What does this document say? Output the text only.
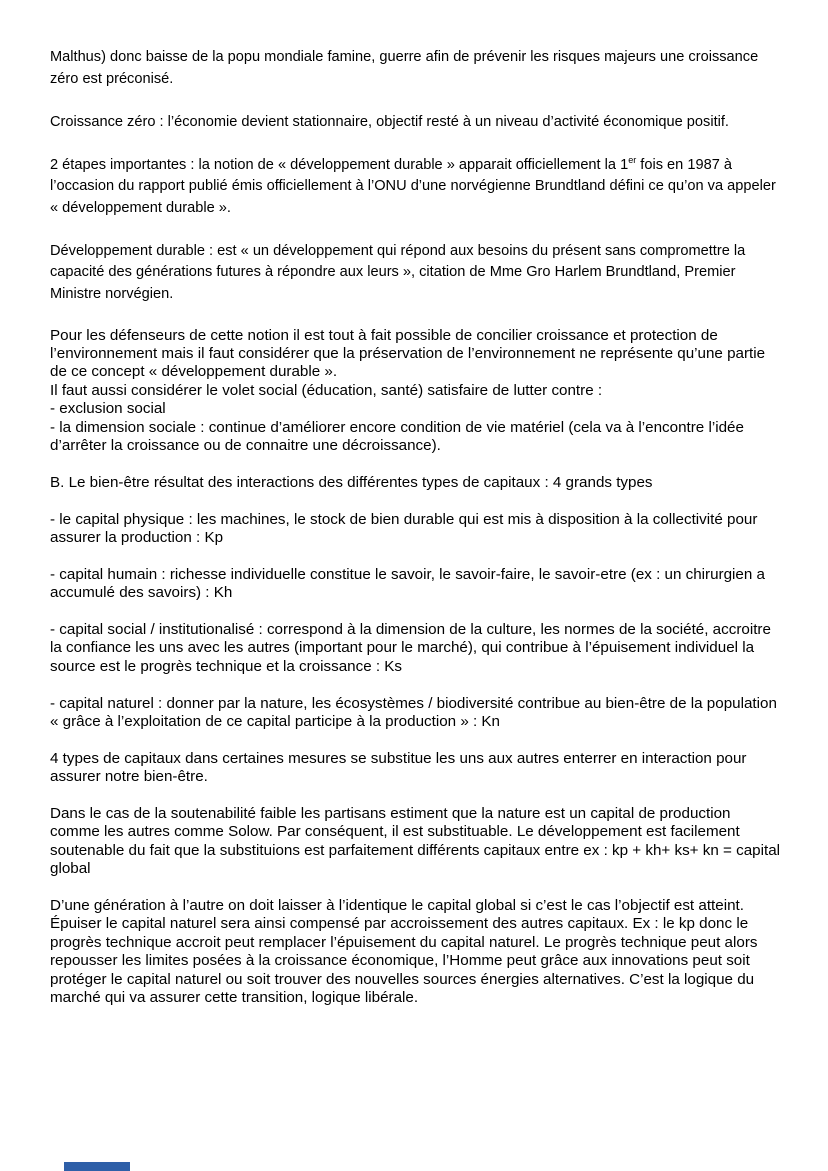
Malthus) donc baisse de la popu mondiale famine, guerre afin de prévenir les risques majeurs une croissance zéro est préconisé.
Croissance zéro : l’économie devient stationnaire, objectif resté à un niveau d’activité économique positif.
2 étapes importantes : la notion de « développement durable » apparait officiellement la 1er fois en 1987 à l’occasion du rapport publié émis officiellement à l’ONU d’une norvégienne Brundtland défini ce qu’on va appeler « développement durable ».
Développement durable : est « un développement qui répond aux besoins du présent sans compromettre la capacité des générations futures à répondre aux leurs », citation de Mme Gro Harlem Brundtland, Premier Ministre norvégien.
Pour les défenseurs de cette notion il est tout à fait possible de concilier croissance et protection de l’environnement mais il faut considérer que la préservation de l’environnement ne représente qu’une partie de ce concept « développement durable ».
Il faut aussi considérer le volet social (éducation, santé) satisfaire de lutter contre :
- exclusion social
- la dimension sociale : continue d’améliorer encore condition de vie matériel (cela va à l’encontre l’idée d’arrêter la croissance ou de connaitre une décroissance).
B. Le bien-être résultat des interactions des différentes types de capitaux : 4 grands types
- le capital physique : les machines, le stock de bien durable qui est mis à disposition à la collectivité pour assurer la production : Kp
- capital humain : richesse individuelle constitue le savoir, le savoir-faire, le savoir-etre (ex : un chirurgien a accumulé des savoirs) : Kh
- capital social / institutionalisé : correspond à la dimension de la culture, les normes de la société, accroitre la confiance les uns avec les autres (important pour le marché), qui contribue à l’épuisement individuel la source est le progrès technique et la croissance : Ks
- capital naturel : donner par la nature, les écosystèmes / biodiversité contribue au bien-être de la population « grâce à l’exploitation de ce capital participe à la production » : Kn
4 types de capitaux dans certaines mesures se substitue les uns aux autres enterrer en interaction pour assurer notre bien-être.
Dans le cas de la soutenabilité faible les partisans estiment que la nature est un capital de production comme les autres comme Solow. Par conséquent, il est substituable. Le développement est facilement soutenable du fait que la substituions est parfaitement différents capitaux entre ex : kp + kh+ ks+ kn = capital global
D’une génération à l’autre on doit laisser à l’identique le capital global si c’est le cas l’objectif est atteint. Épuiser le capital naturel sera ainsi compensé par accroissement des autres capitaux. Ex : le kp donc le progrès technique accroit peut remplacer l’épuisement du capital naturel. Le progrès technique peut alors repousser les limites posées à la croissance économique, l’Homme peut grâce aux innovations peut soit protéger le capital naturel ou soit trouver des nouvelles sources énergies alternatives. C’est la logique du marché qui va assurer cette transition, logique libérale.
